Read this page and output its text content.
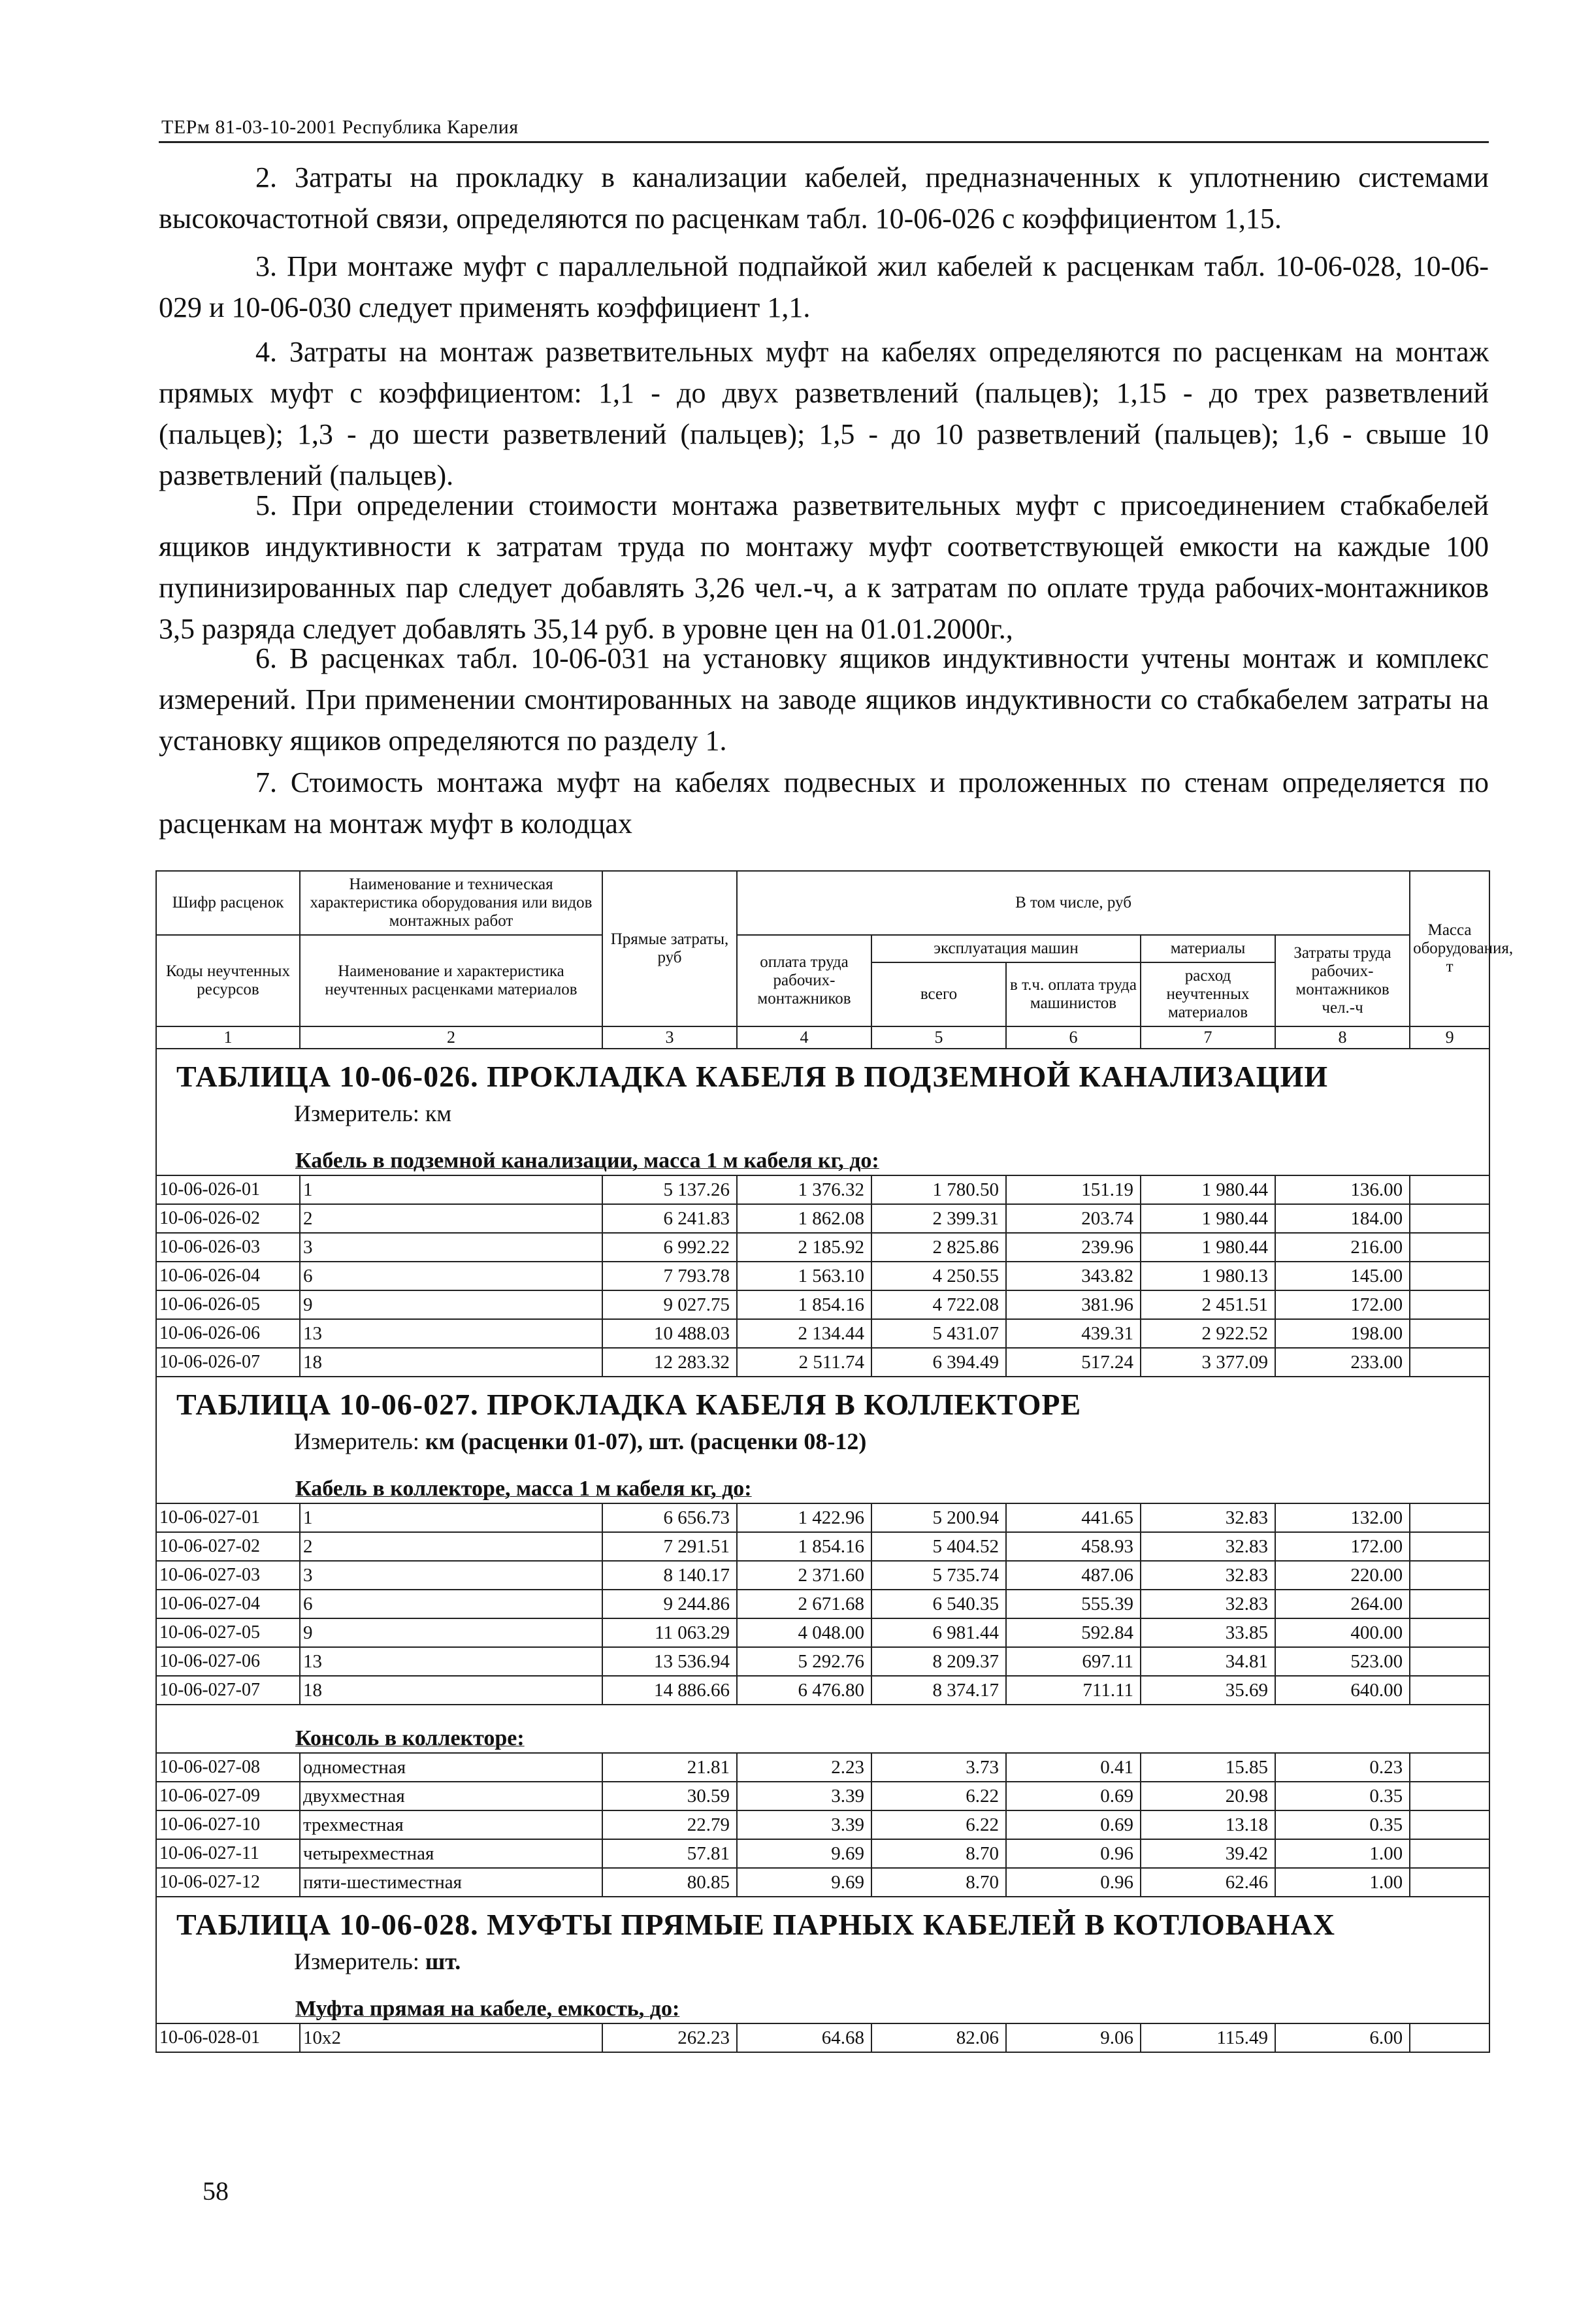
ТЕРм 81-03-10-2001 Республика Карелия
2. Затраты на прокладку в канализации кабелей, предназначенных к уплотнению системами высокочастотной связи, определяются по расценкам табл. 10-06-026 с коэффициентом 1,15.
3. При монтаже муфт с параллельной подпайкой жил кабелей к расценкам табл. 10-06-028, 10-06-029 и 10-06-030 следует применять коэффициент 1,1.
4. Затраты на монтаж разветвительных муфт на кабелях определяются по расценкам на монтаж прямых муфт с коэффициентом: 1,1 - до двух разветвлений (пальцев); 1,15 - до трех разветвлений (пальцев); 1,3 - до шести разветвлений (пальцев); 1,5 - до 10 разветвлений (пальцев); 1,6 - свыше 10 разветвлений (пальцев).
5. При определении стоимости монтажа разветвительных муфт с присоединением стабкабелей ящиков индуктивности к затратам труда по монтажу муфт соответствующей емкости на каждые 100 пупинизированных пар следует добавлять 3,26 чел.-ч, а к затратам по оплате труда рабочих-монтажников 3,5 разряда следует добавлять 35,14 руб. в уровне цен на 01.01.2000г.,
6. В расценках табл. 10-06-031 на установку ящиков индуктивности учтены монтаж и комплекс измерений. При применении смонтированных на заводе ящиков индуктивности со стабкабелем затраты на установку ящиков определяются по разделу 1.
7. Стоимость монтажа муфт на кабелях подвесных и проложенных по стенам определяется по расценкам на монтаж муфт в колодцах
Шифр расценок	Наименование и техническая характеристика оборудования или видов монтажных работ	Прямые затраты, руб	В том числе, руб					Масса оборудования, т
Коды неучтенных ресурсов	Наименование и характеристика неучтенных расценками материалов		оплата труда рабочих-монтажников	эксплуатация машин		материалы	Затраты труда рабочих-монтажников чел.-ч	
				всего	в т.ч. оплата труда машинистов	расход неучтенных материалов		

1	2	3	4	5	6	7	8	9

ТАБЛИЦА 10-06-026. ПРОКЛАДКА КАБЕЛЯ В ПОДЗЕМНОЙ КАНАЛИЗАЦИИ
Измеритель: км								

Кабель в подземной канализации, масса 1 м кабеля кг, до:								
10-06-026-01	1	5 137.26	1 376.32	1 780.50	151.19	1 980.44	136.00	
10-06-026-02	2	6 241.83	1 862.08	2 399.31	203.74	1 980.44	184.00	
10-06-026-03	3	6 992.22	2 185.92	2 825.86	239.96	1 980.44	216.00	
10-06-026-04	6	7 793.78	1 563.10	4 250.55	343.82	1 980.13	145.00	
10-06-026-05	9	9 027.75	1 854.16	4 722.08	381.96	2 451.51	172.00	
10-06-026-06	13	10 488.03	2 134.44	5 431.07	439.31	2 922.52	198.00	
10-06-026-07	18	12 283.32	2 511.74	6 394.49	517.24	3 377.09	233.00	

ТАБЛИЦА 10-06-027. ПРОКЛАДКА КАБЕЛЯ В КОЛЛЕКТОРЕ
Измеритель: км (расценки 01-07), шт. (расценки 08-12)								

Кабель в коллекторе, масса 1 м кабеля кг, до:								
10-06-027-01	1	6 656.73	1 422.96	5 200.94	441.65	32.83	132.00	
10-06-027-02	2	7 291.51	1 854.16	5 404.52	458.93	32.83	172.00	
10-06-027-03	3	8 140.17	2 371.60	5 735.74	487.06	32.83	220.00	
10-06-027-04	6	9 244.86	2 671.68	6 540.35	555.39	32.83	264.00	
10-06-027-05	9	11 063.29	4 048.00	6 981.44	592.84	33.85	400.00	
10-06-027-06	13	13 536.94	5 292.76	8 209.37	697.11	34.81	523.00	
10-06-027-07	18	14 886.66	6 476.80	8 374.17	711.11	35.69	640.00	
Консоль в коллекторе:								
10-06-027-08	одноместная	21.81	2.23	3.73	0.41	15.85	0.23	
10-06-027-09	двухместная	30.59	3.39	6.22	0.69	20.98	0.35	
10-06-027-10	трехместная	22.79	3.39	6.22	0.69	13.18	0.35	
10-06-027-11	четырехместная	57.81	9.69	8.70	0.96	39.42	1.00	
10-06-027-12	пяти-шестиместная	80.85	9.69	8.70	0.96	62.46	1.00	

ТАБЛИЦА 10-06-028. МУФТЫ ПРЯМЫЕ ПАРНЫХ КАБЕЛЕЙ В КОТЛОВАНАХ
Измеритель: шт.								

Муфта прямая на кабеле, емкость, до:								
10-06-028-01	10х2	262.23	64.68	82.06	9.06	115.49	6.00	
58
